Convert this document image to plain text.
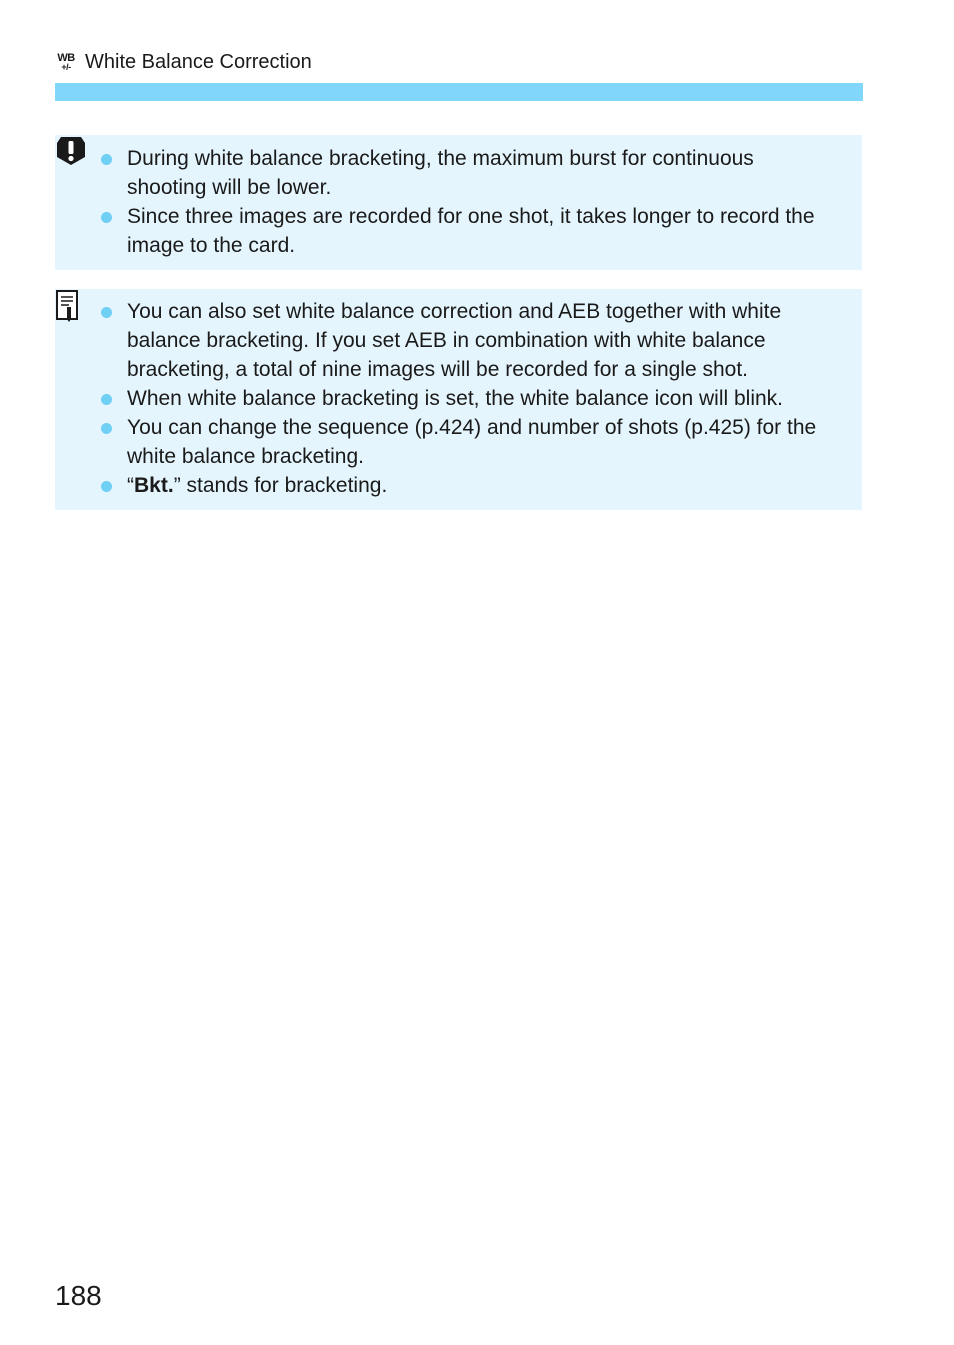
WB
+/- White Balance Correction
During white balance bracketing, the maximum burst for continuous shooting will be lower.
Since three images are recorded for one shot, it takes longer to record the image to the card.
You can also set white balance correction and AEB together with white balance bracketing. If you set AEB in combination with white balance bracketing, a total of nine images will be recorded for a single shot.
When white balance bracketing is set, the white balance icon will blink.
You can change the sequence (p.424) and number of shots (p.425) for the white balance bracketing.
“Bkt.” stands for bracketing.
188
